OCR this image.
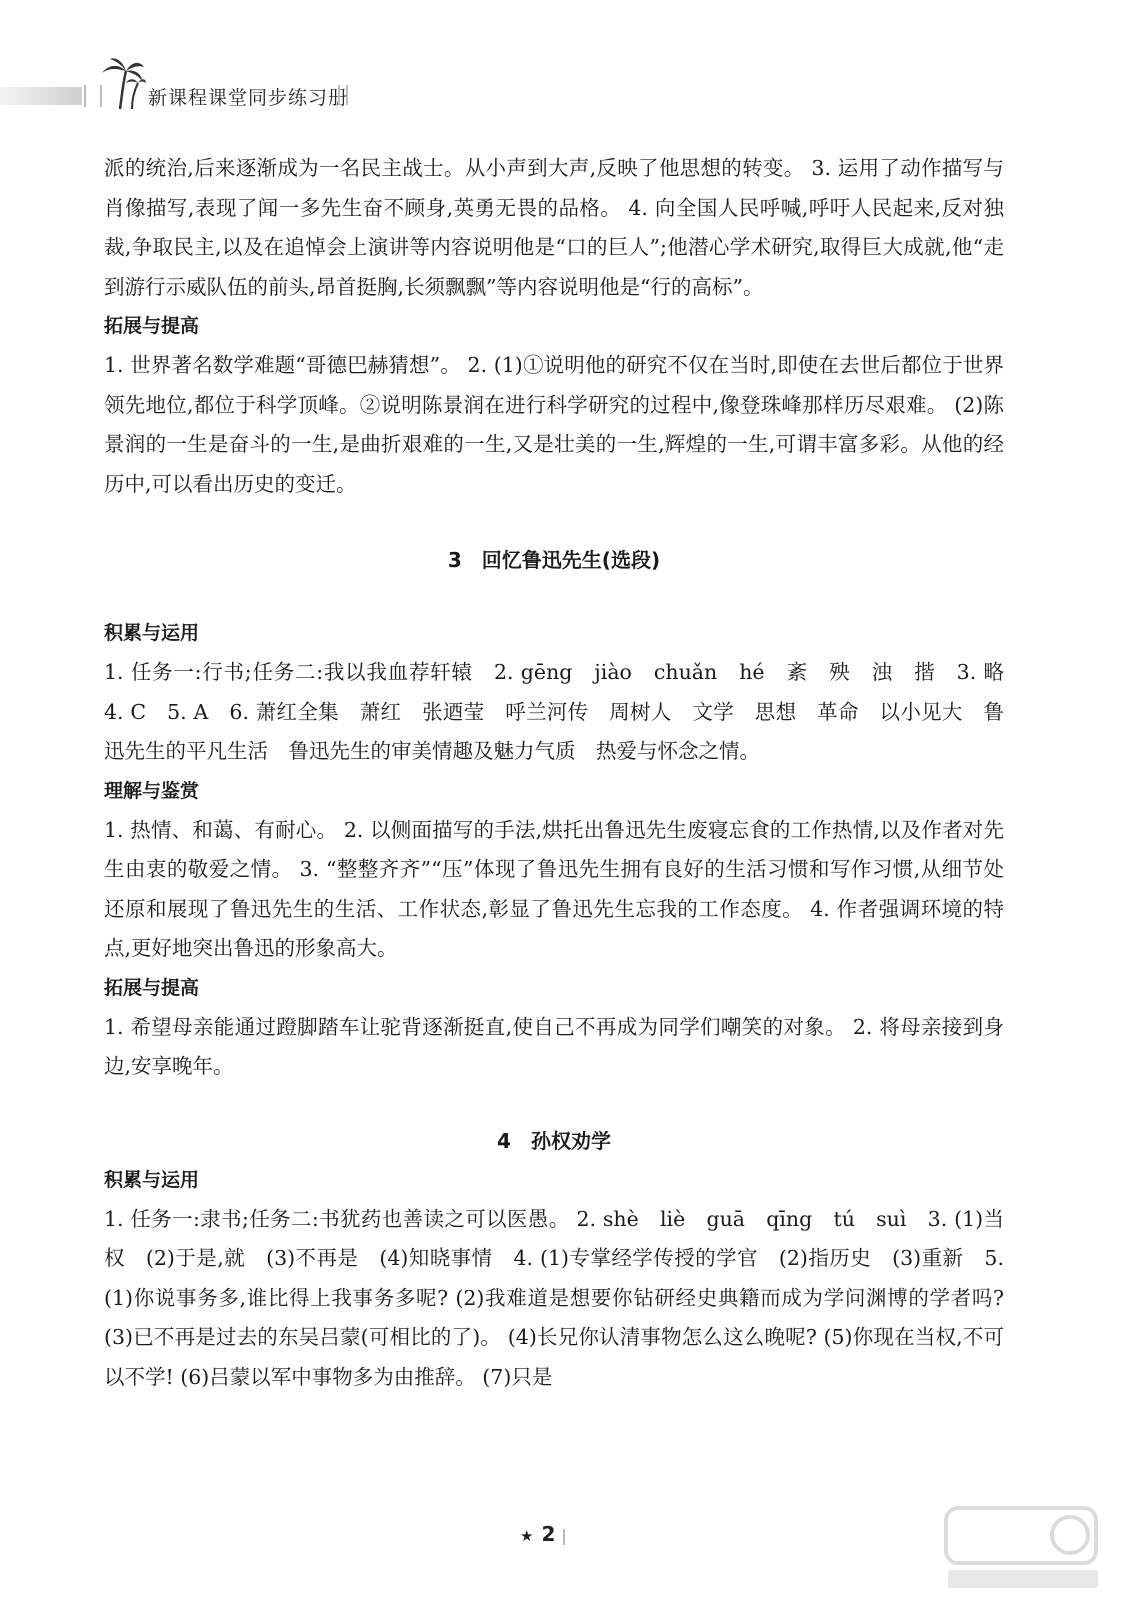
新课程课堂同步练习册

派的统治,后来逐渐成为一名民主战士。从小声到大声,反映了他思想的转变。 3. 运用了动作描写与肖像描写,表现了闻一多先生奋不顾身,英勇无畏的品格。 4. 向全国人民呼喊,呼吁人民起来,反对独裁,争取民主,以及在追悼会上演讲等内容说明他是“口的巨人”;他潜心学术研究,取得巨大成就,他“走到游行示威队伍的前头,昂首挺胸,长须飘飘”等内容说明他是“行的高标”。

拓展与提高

1. 世界著名数学难题“哥德巴赫猜想”。 2. (1)①说明他的研究不仅在当时,即使在去世后都位于世界领先地位,都位于科学顶峰。②说明陈景润在进行科学研究的过程中,像登珠峰那样历尽艰难。 (2)陈景润的一生是奋斗的一生,是曲折艰难的一生,又是壮美的一生,辉煌的一生,可谓丰富多彩。从他的经历中,可以看出历史的变迁。

3　回忆鲁迅先生(选段)
积累与运用

1. 任务一:行书;任务二:我以我血荐轩辕　2. gēng　jiào　chuǎn　hé　紊　殃　浊　揩　3. 略　4. C　5. A　6. 萧红全集　萧红　张迺莹　呼兰河传　周树人　文学　思想　革命　以小见大　鲁迅先生的平凡生活　鲁迅先生的审美情趣及魅力气质　热爱与怀念之情。

理解与鉴赏

1. 热情、和蔼、有耐心。 2. 以侧面描写的手法,烘托出鲁迅先生废寝忘食的工作热情,以及作者对先生由衷的敬爱之情。 3. “整整齐齐”“压”体现了鲁迅先生拥有良好的生活习惯和写作习惯,从细节处还原和展现了鲁迅先生的生活、工作状态,彰显了鲁迅先生忘我的工作态度。 4. 作者强调环境的特点,更好地突出鲁迅的形象高大。

拓展与提高

1. 希望母亲能通过蹬脚踏车让驼背逐渐挺直,使自己不再成为同学们嘲笑的对象。 2. 将母亲接到身边,安享晚年。

4　孙权劝学
积累与运用

1. 任务一:隶书;任务二:书犹药也善读之可以医愚。 2. shè　liè　guā　qīng　tú　suì　3. (1)当权　(2)于是,就　(3)不再是　(4)知晓事情　4. (1)专掌经学传授的学官　(2)指历史　(3)重新　5. (1)你说事务多,谁比得上我事务多呢? (2)我难道是想要你钻研经史典籍而成为学问渊博的学者吗? (3)已不再是过去的东吴吕蒙(可相比的了)。 (4)长兄你认清事物怎么这么晚呢? (5)你现在当权,不可以不学! (6)吕蒙以军中事物多为由推辞。 (7)只是

★ 2 |
